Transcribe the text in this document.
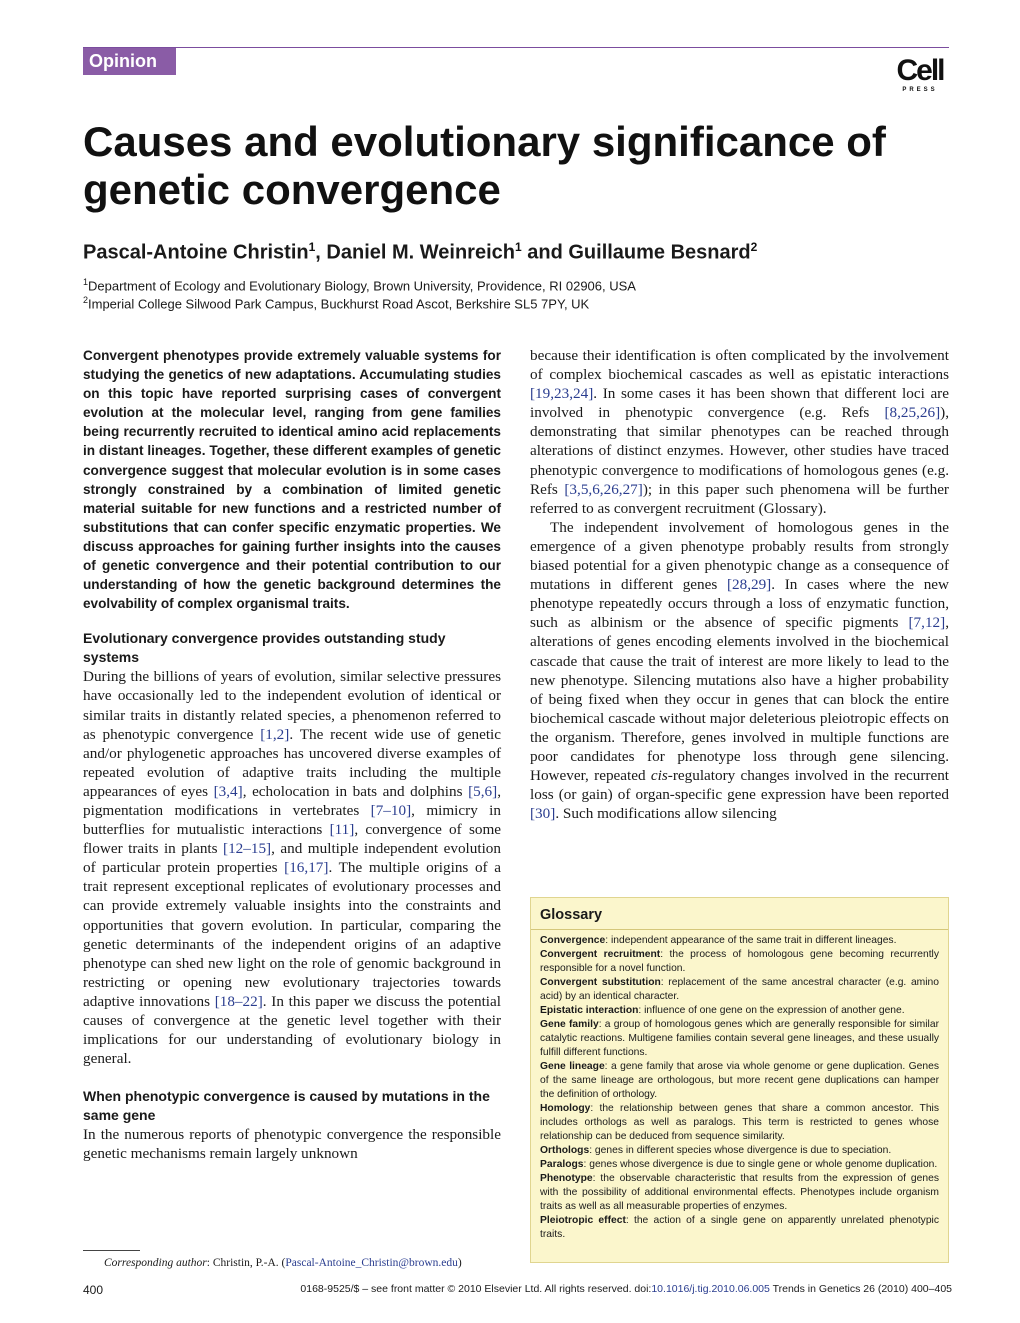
Opinion	Cell
PRESS
Causes and evolutionary significance of genetic convergence
Pascal-Antoine Christin$^1$, Daniel M. Weinreich$^1$ and Guillaume Besnard$^2$
$^1$Department of Ecology and Evolutionary Biology, Brown University, Providence, RI 02906, USA
$^2$Imperial College Silwood Park Campus, Buckhurst Road Ascot, Berkshire SL5 7PY, UK

Convergent phenotypes provide extremely valuable systems for studying the genetics of new adaptations. Accumulating studies on this topic have reported surprising cases of convergent evolution at the molecular level, ranging from gene families being recurrently recruited to identical amino acid replacements in distant lineages. Together, these different examples of genetic convergence suggest that molecular evolution is in some cases strongly constrained by a combination of limited genetic material suitable for new functions and a restricted number of substitutions that can confer specific enzymatic properties. We discuss approaches for gaining further insights into the causes of genetic convergence and their potential contribution to our understanding of how the genetic background determines the evolvability of complex organismal traits.

Evolutionary convergence provides outstanding study systems

During the billions of years of evolution, similar selective pressures have occasionally led to the independent evolution of identical or similar traits in distantly related species, a phenomenon referred to as phenotypic convergence [1,2]. The recent wide use of genetic and/or phylogenetic approaches has uncovered diverse examples of repeated evolution of adaptive traits including the multiple appearances of eyes [3,4], echolocation in bats and dolphins [5,6], pigmentation modifications in vertebrates [7–10], mimicry in butterflies for mutualistic interactions [11], convergence of some flower traits in plants [12–15], and multiple independent evolution of particular protein properties [16,17]. The multiple origins of a trait represent exceptional replicates of evolutionary processes and can provide extremely valuable insights into the constraints and opportunities that govern evolution. In particular, comparing the genetic determinants of the independent origins of an adaptive phenotype can shed new light on the role of genomic background in restricting or opening new evolutionary trajectories towards adaptive innovations [18–22]. In this paper we discuss the potential causes of convergence at the genetic level together with their implications for our understanding of evolutionary biology in general.

When phenotypic convergence is caused by mutations in the same gene

In the numerous reports of phenotypic convergence the responsible genetic mechanisms remain largely unknown

because their identification is often complicated by the involvement of complex biochemical cascades as well as epistatic interactions [19,23,24]. In some cases it has been shown that different loci are involved in phenotypic convergence (e.g. Refs [8,25,26]), demonstrating that similar phenotypes can be reached through alterations of distinct enzymes. However, other studies have traced phenotypic convergence to modifications of homologous genes (e.g. Refs [3,5,6,26,27]); in this paper such phenomena will be further referred to as convergent recruitment (Glossary).

The independent involvement of homologous genes in the emergence of a given phenotype probably results from strongly biased potential for a given phenotypic change as a consequence of mutations in different genes [28,29]. In cases where the new phenotype repeatedly occurs through a loss of enzymatic function, such as albinism or the absence of specific pigments [7,12], alterations of genes encoding elements involved in the biochemical cascade that cause the trait of interest are more likely to lead to the new phenotype. Silencing mutations also have a higher probability of being fixed when they occur in genes that can block the entire biochemical cascade without major deleterious pleiotropic effects on the organism. Therefore, genes involved in multiple functions are poor candidates for phenotype loss through gene silencing. However, repeated cis-regulatory changes involved in the recurrent loss (or gain) of organ-specific gene expression have been reported [30]. Such modifications allow silencing

Glossary

Convergence: independent appearance of the same trait in different lineages.

Convergent recruitment: the process of homologous gene becoming recurrently responsible for a novel function.

Convergent substitution: replacement of the same ancestral character (e.g. amino acid) by an identical character.

Epistatic interaction: influence of one gene on the expression of another gene.

Gene family: a group of homologous genes which are generally responsible for similar catalytic reactions. Multigene families contain several gene lineages, and these usually fulfill different functions.

Gene lineage: a gene family that arose via whole genome or gene duplication. Genes of the same lineage are orthologous, but more recent gene duplications can hamper the definition of orthology.

Homology: the relationship between genes that share a common ancestor. This includes orthologs as well as paralogs. This term is restricted to genes whose relationship can be deduced from sequence similarity.

Orthologs: genes in different species whose divergence is due to speciation.

Paralogs: genes whose divergence is due to single gene or whole genome duplication.

Phenotype: the observable characteristic that results from the expression of genes with the possibility of additional environmental effects. Phenotypes include organism traits as well as all measurable properties of enzymes.

Pleiotropic effect: the action of a single gene on apparently unrelated phenotypic traits.

Corresponding author: Christin, P.-A. (Pascal-Antoine_Christin@brown.edu)
400	0168-9525/$ – see front matter © 2010 Elsevier Ltd. All rights reserved. doi:10.1016/j.tig.2010.06.005 Trends in Genetics 26 (2010) 400–405
